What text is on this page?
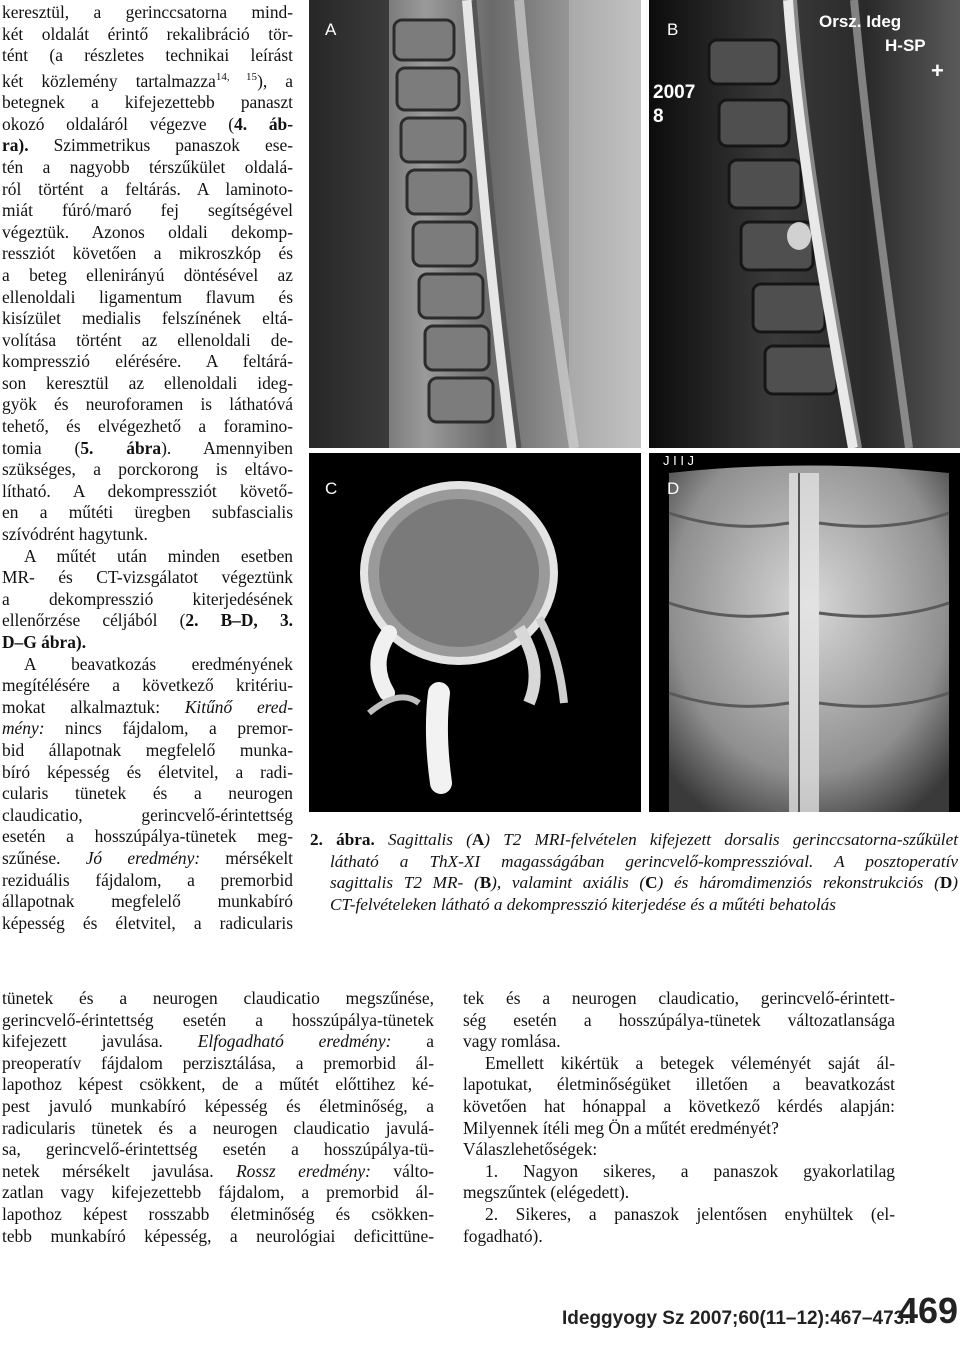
keresztül, a gerinccsatorna mind-
két oldalát érintő rekalibráció tör-
tént (a részletes technikai leírást
két közlemény tartalmazza$^{14, 15}$), a
betegnek a kifejezettebb panaszt
okozó oldaláról végezve (4. áb-
ra). Szimmetrikus panaszok ese-
tén a nagyobb térszűkület oldalá-
ról történt a feltárás. A laminoto-
miát fúró/maró fej segítségével
végeztük. Azonos oldali dekomp-
ressziót követően a mikroszkóp és
a beteg ellenirányú döntésével az
ellenoldali ligamentum flavum és
kisízület medialis felszínének eltá-
volítása történt az ellenoldali de-
kompresszió elérésére. A feltárá-
son keresztül az ellenoldali ideg-
gyök és neuroforamen is láthatóvá
tehető, és elvégezhető a foramino-
tomia (5. ábra). Amennyiben
szükséges, a porckorong is eltávo-
lítható. A dekompressziót követő-
en a műtéti üregben subfascialis
szívódrént hagytunk.
A műtét után minden esetben
MR- és CT-vizsgálatot végeztünk
a dekompresszió kiterjedésének
ellenőrzése céljából (2. B–D, 3.
D–G ábra).
A beavatkozás eredményének
megítélésére a következő kritériu-
mokat alkalmaztuk: Kitűnő ered-
mény: nincs fájdalom, a premor-
bid állapotnak megfelelő munka-
bíró képesség és életvitel, a radi-
cularis tünetek és a neurogen
claudicatio, gerincvelő-érintettség
esetén a hosszúpálya-tünetek meg-
szűnése. Jó eredmény: mérsékelt
reziduális fájdalom, a premorbid
állapotnak megfelelő munkabíró
képesség és életvitel, a radicularis
tünetek és a neurogen claudicatio megszűnése,
gerincvelő-érintettség esetén a hosszúpálya-tünetek
kifejezett javulása. Elfogadható eredmény: a
preoperatív fájdalom perzisztálása, a premorbid ál-
lapothoz képest csökkent, de a műtét előttihez ké-
pest javuló munkabíró képesség és életminőség, a
radicularis tünetek és a neurogen claudicatio javulá-
sa, gerincvelő-érintettség esetén a hosszúpálya-tü-
netek mérsékelt javulása. Rossz eredmény: válto-
zatlan vagy kifejezettebb fájdalom, a premorbid ál-
lapothoz képest rosszabb életminőség és csökken-
tebb munkabíró képesség, a neurológiai deficittüne-
tek és a neurogen claudicatio, gerincvelő-érintett-
ség esetén a hosszúpálya-tünetek változatlansága
vagy romlása.
Emellett kikértük a betegek véleményét saját ál-
lapotukat, életminőségüket illetően a beavatkozást
követően hat hónappal a következő kérdés alapján:
Milyennek ítéli meg Ön a műtét eredményét?
Válaszlehetőségek:
1. Nagyon sikeres, a panaszok gyakorlatilag
megszűntek (elégedett).
2. Sikeres, a panaszok jelentősen enyhültek (el-
fogadható).
A	B	Orsz. Ideg
H-SP
+
2007
8
C	D
J I I J
2. ábra. Sagittalis (A) T2 MRI-felvételen kifejezett dorsalis gerinccsatorna-szűkület
látható a ThX-XI magasságában gerincvelő-kompresszióval. A posztoperatív
sagittalis T2 MR- (B), valamint axiális (C) és háromdimenziós rekonstrukciós (D)
CT-felvételeken látható a dekompresszió kiterjedése és a műtéti behatolás
Ideggyogy Sz 2007;60(11–12):467–473.
469
